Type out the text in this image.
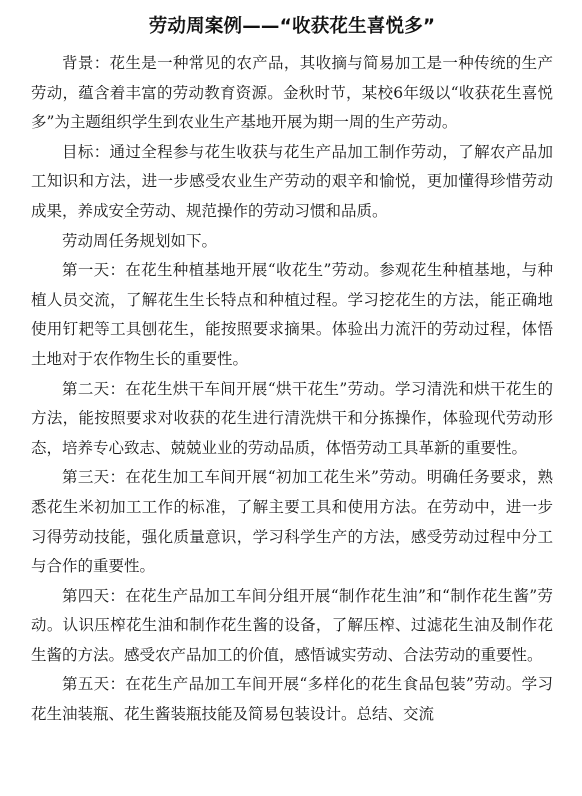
劳动周案例——“收获花生喜悦多”

背景：花生是一种常见的农产品，其收摘与简易加工是一种传统的生产劳动，蕴含着丰富的劳动教育资源。金秋时节，某校6年级以“收获花生喜悦多”为主题组织学生到农业生产基地开展为期一周的生产劳动。

目标：通过全程参与花生收获与花生产品加工制作劳动，了解农产品加工知识和方法，进一步感受农业生产劳动的艰辛和愉悦，更加懂得珍惜劳动成果，养成安全劳动、规范操作的劳动习惯和品质。

劳动周任务规划如下。

第一天：在花生种植基地开展“收花生”劳动。参观花生种植基地，与种植人员交流，了解花生生长特点和种植过程。学习挖花生的方法，能正确地使用钉耙等工具刨花生，能按照要求摘果。体验出力流汗的劳动过程，体悟土地对于农作物生长的重要性。

第二天：在花生烘干车间开展“烘干花生”劳动。学习清洗和烘干花生的方法，能按照要求对收获的花生进行清洗烘干和分拣操作，体验现代劳动形态，培养专心致志、兢兢业业的劳动品质，体悟劳动工具革新的重要性。

第三天：在花生加工车间开展“初加工花生米”劳动。明确任务要求，熟悉花生米初加工工作的标准，了解主要工具和使用方法。在劳动中，进一步习得劳动技能，强化质量意识，学习科学生产的方法，感受劳动过程中分工与合作的重要性。

第四天：在花生产品加工车间分组开展“制作花生油”和“制作花生酱”劳动。认识压榨花生油和制作花生酱的设备，了解压榨、过滤花生油及制作花生酱的方法。感受农产品加工的价值，感悟诚实劳动、合法劳动的重要性。

第五天：在花生产品加工车间开展“多样化的花生食品包装”劳动。学习花生油装瓶、花生酱装瓶技能及简易包装设计。总结、交流
